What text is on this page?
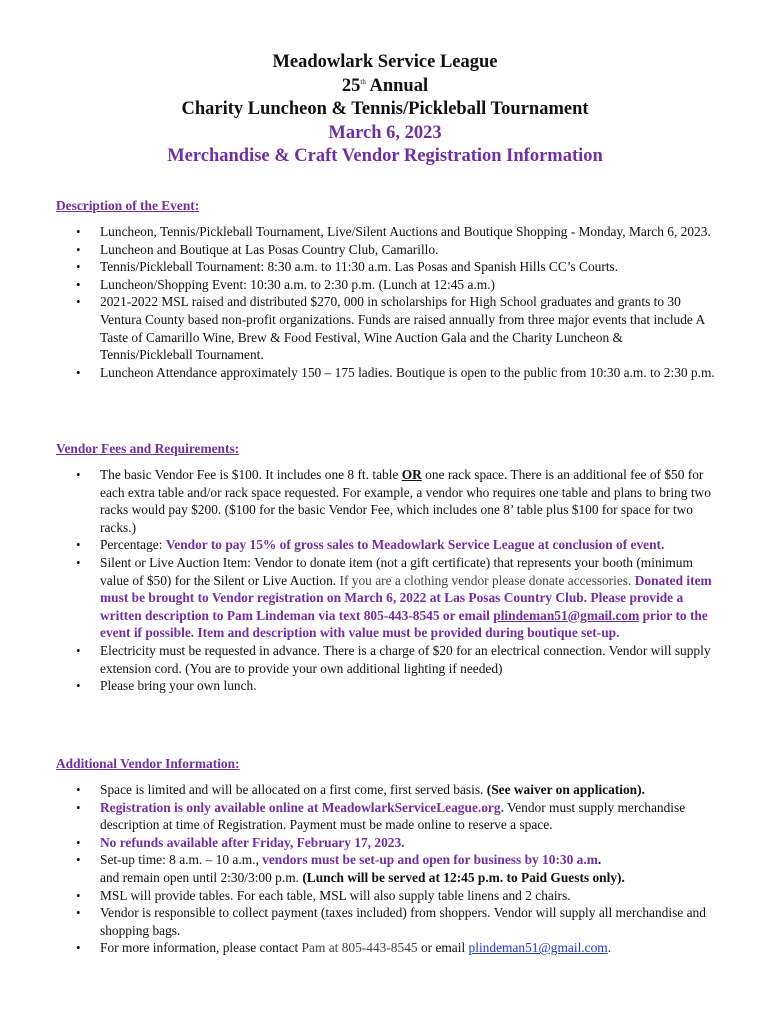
Meadowlark Service League
25th Annual
Charity Luncheon & Tennis/Pickleball Tournament
March 6, 2023
Merchandise & Craft Vendor Registration Information
Description of the Event:
• Luncheon, Tennis/Pickleball Tournament, Live/Silent Auctions and Boutique Shopping - Monday, March 6, 2023.
• Luncheon and Boutique at Las Posas Country Club, Camarillo.
• Tennis/Pickleball Tournament: 8:30 a.m. to 11:30 a.m. Las Posas and Spanish Hills CC’s Courts.
• Luncheon/Shopping Event: 10:30 a.m. to 2:30 p.m. (Lunch at 12:45 a.m.)
• 2021-2022 MSL raised and distributed $270, 000 in scholarships for High School graduates and grants to 30 Ventura County based non-profit organizations. Funds are raised annually from three major events that include A Taste of Camarillo Wine, Brew & Food Festival, Wine Auction Gala and the Charity Luncheon & Tennis/Pickleball Tournament.
• Luncheon Attendance approximately 150 – 175 ladies. Boutique is open to the public from 10:30 a.m. to 2:30 p.m.
Vendor Fees and Requirements:
• The basic Vendor Fee is $100. It includes one 8 ft. table OR one rack space. There is an additional fee of $50 for each extra table and/or rack space requested. For example, a vendor who requires one table and plans to bring two racks would pay $200. ($100 for the basic Vendor Fee, which includes one 8’ table plus $100 for space for two racks.)
• Percentage: Vendor to pay 15% of gross sales to Meadowlark Service League at conclusion of event.
• Silent or Live Auction Item: Vendor to donate item (not a gift certificate) that represents your booth (minimum value of $50) for the Silent or Live Auction. If you are a clothing vendor please donate accessories. Donated item must be brought to Vendor registration on March 6, 2022 at Las Posas Country Club. Please provide a written description to Pam Lindeman via text 805-443-8545 or email plindeman51@gmail.com prior to the event if possible. Item and description with value must be provided during boutique set-up.
• Electricity must be requested in advance. There is a charge of $20 for an electrical connection. Vendor will supply extension cord. (You are to provide your own additional lighting if needed)
• Please bring your own lunch.
Additional Vendor Information:
• Space is limited and will be allocated on a first come, first served basis. (See waiver on application).
• Registration is only available online at MeadowlarkServiceLeague.org. Vendor must supply merchandise description at time of Registration. Payment must be made online to reserve a space.
• No refunds available after Friday, February 17, 2023.
• Set-up time: 8 a.m. – 10 a.m., vendors must be set-up and open for business by 10:30 a.m.
and remain open until 2:30/3:00 p.m. (Lunch will be served at 12:45 p.m. to Paid Guests only).
• MSL will provide tables. For each table, MSL will also supply table linens and 2 chairs.
• Vendor is responsible to collect payment (taxes included) from shoppers. Vendor will supply all merchandise and shopping bags.
• For more information, please contact Pam at 805-443-8545 or email plindeman51@gmail.com.
